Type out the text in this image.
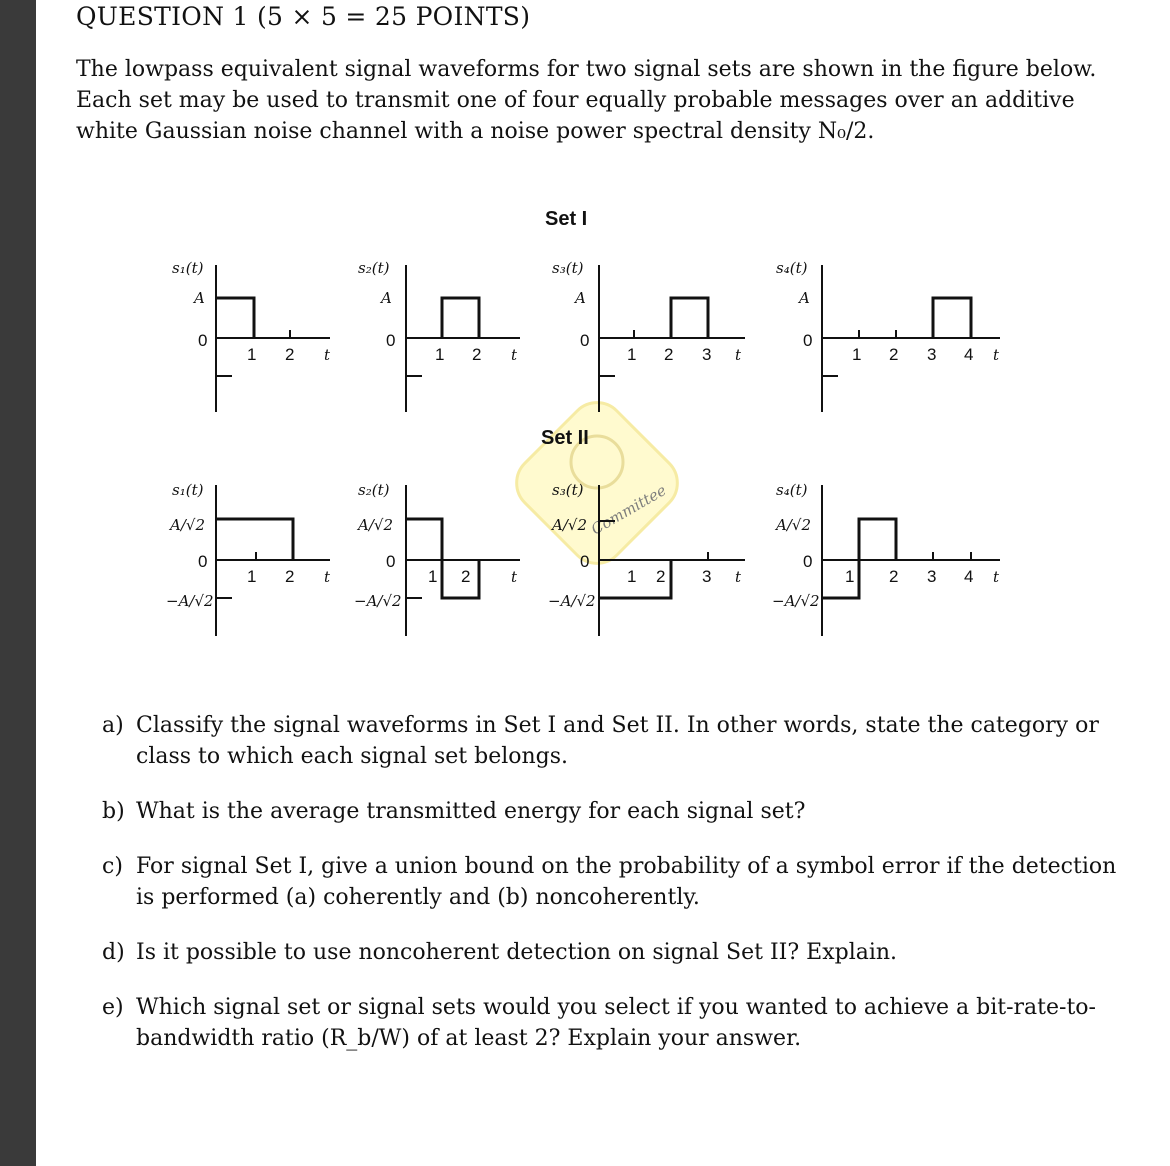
QUESTION 1 (5 × 5 = 25 POINTS)
The lowpass equivalent signal waveforms for two signal sets are shown in the figure below. Each set may be used to transmit one of four equally probable messages over an additive white Gaussian noise channel with a noise power spectral density N₀/2.
Committee
Set I
Set II
s₁(t)
A
0
1 2 t
s₂(t)
A
0
1 2 t
s₃(t)
A
0
1 2 3 t
s₄(t)
A
0
1 2 3 4 t
s₁(t)
A/√2
0
−A/√2
1 2 t
s₂(t)
A/√2
0
−A/√2
1 2	t
s₃(t)
A/√2
0
−A/√2
1 2 3 t
s₄(t)
A/√2
0
−A/√2
1 2 3 4 t
a) Classify the signal waveforms in Set I and Set II. In other words, state the category or class to which each signal set belongs.
b) What is the average transmitted energy for each signal set?
c) For signal Set I, give a union bound on the probability of a symbol error if the detection is performed (a) coherently and (b) noncoherently.
d) Is it possible to use noncoherent detection on signal Set II? Explain.
e) Which signal set or signal sets would you select if you wanted to achieve a bit-rate-to-bandwidth ratio (R_b/W) of at least 2? Explain your answer.
